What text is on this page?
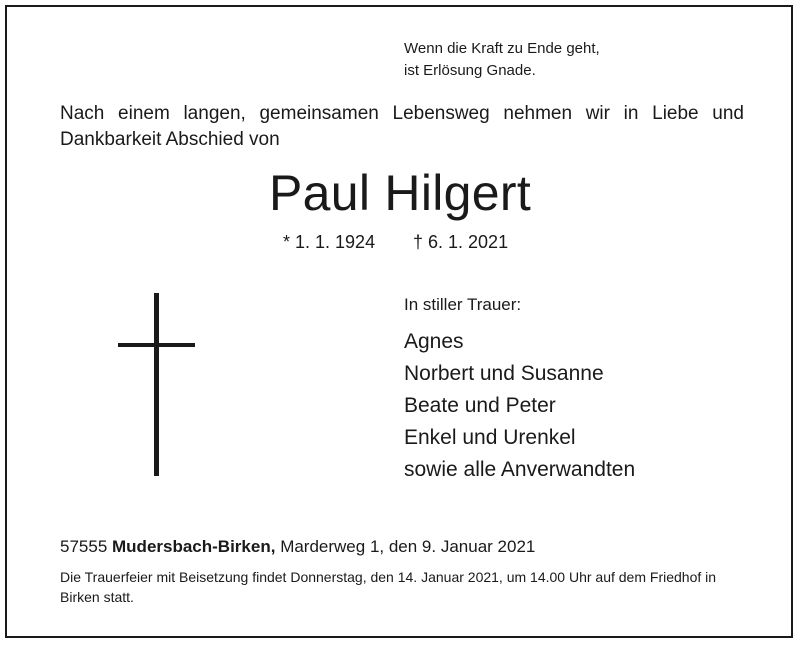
Wenn die Kraft zu Ende geht,
ist Erlösung Gnade.
Nach einem langen, gemeinsamen Lebensweg nehmen wir in Liebe und Dankbarkeit Abschied von
Paul Hilgert
* 1. 1. 1924 † 6. 1. 2021
In stiller Trauer:
Agnes
Norbert und Susanne
Beate und Peter
Enkel und Urenkel
sowie alle Anverwandten
57555 Mudersbach-Birken, Marderweg 1, den 9. Januar 2021
Die Trauerfeier mit Beisetzung findet Donnerstag, den 14. Januar 2021, um 14.00 Uhr auf dem Friedhof in Birken statt.
